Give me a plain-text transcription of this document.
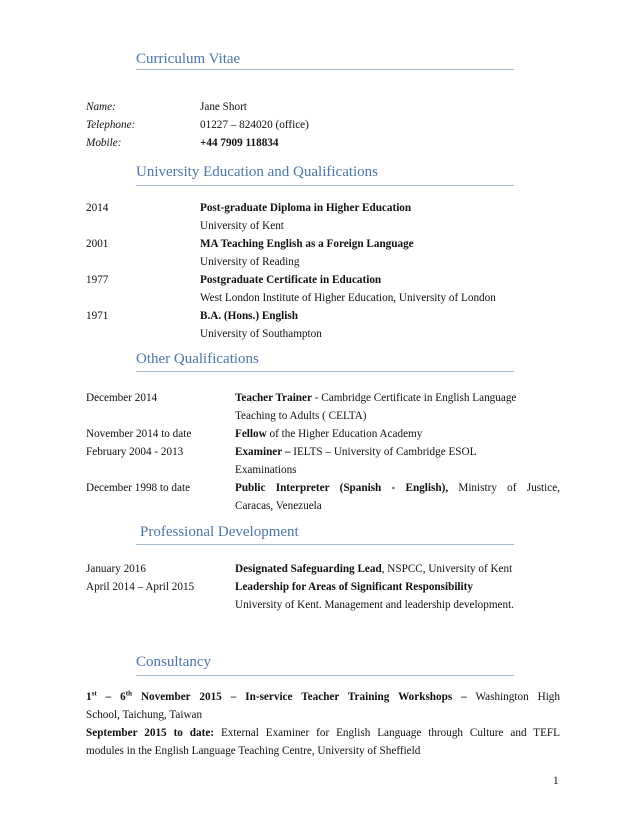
Curriculum Vitae
Name:	Jane Short
Telephone:	01227 – 824020 (office)
Mobile:	+44 7909 118834
University Education and Qualifications
2014	Post-graduate Diploma in Higher Education
University of Kent
2001	MA Teaching English as a Foreign Language
University of Reading
1977	Postgraduate Certificate in Education
West London Institute of Higher Education, University of London
1971	B.A. (Hons.) English
University of Southampton
Other Qualifications
December 2014	Teacher Trainer - Cambridge Certificate in English Language
Teaching to Adults ( CELTA)
November 2014 to date	Fellow of the Higher Education Academy
February 2004 - 2013	Examiner – IELTS – University of Cambridge ESOL
Examinations
December 1998 to date	Public Interpreter (Spanish - English), Ministry of Justice,
Caracas, Venezuela
Professional Development
January 2016	Designated Safeguarding Lead, NSPCC, University of Kent
April 2014 – April 2015	Leadership for Areas of Significant Responsibility
University of Kent. Management and leadership development.
Consultancy
1st – 6th November 2015 – In-service Teacher Training Workshops – Washington High
School, Taichung, Taiwan
September 2015 to date: External Examiner for English Language through Culture and TEFL
modules in the English Language Teaching Centre, University of Sheffield
1
